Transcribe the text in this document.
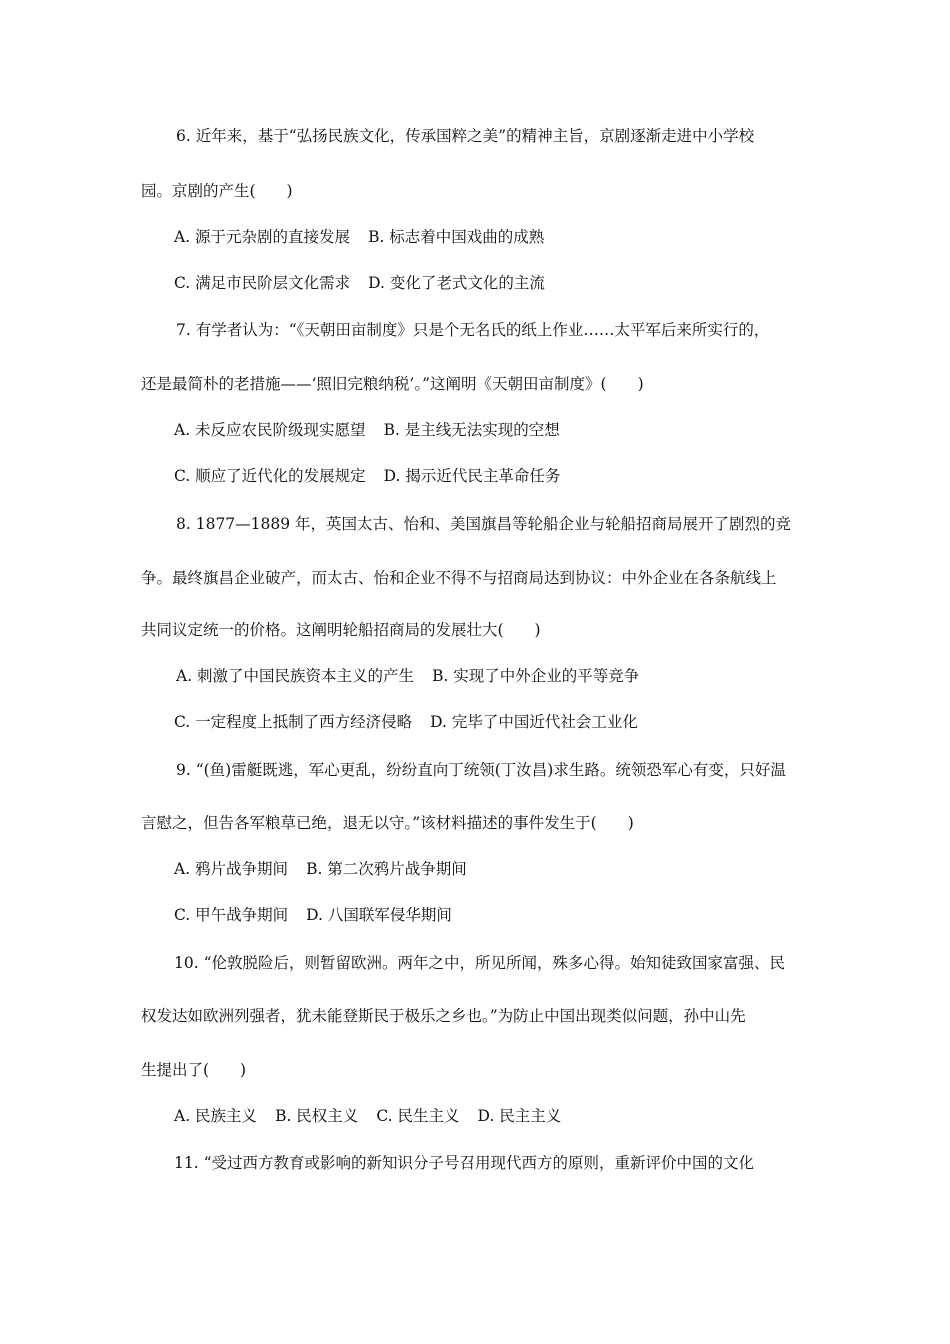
6. 近年来，基于“弘扬民族文化，传承国粹之美”的精神主旨，京剧逐渐走进中小学校
园。京剧的产生(　　)
A. 源于元杂剧的直接发展 B. 标志着中国戏曲的成熟
C. 满足市民阶层文化需求 D. 变化了老式文化的主流
7. 有学者认为：“《天朝田亩制度》只是个无名氏的纸上作业……太平军后来所实行的，
还是最简朴的老措施——‘照旧完粮纳税’。”这阐明《天朝田亩制度》(　　)
A. 未反应农民阶级现实愿望 B. 是主线无法实现的空想
C. 顺应了近代化的发展规定 D. 揭示近代民主革命任务
8. 1877—1889 年，英国太古、怡和、美国旗昌等轮船企业与轮船招商局展开了剧烈的竞
争。最终旗昌企业破产，而太古、怡和企业不得不与招商局达到协议：中外企业在各条航线上
共同议定统一的价格。这阐明轮船招商局的发展壮大(　　)
A. 刺激了中国民族资本主义的产生 B. 实现了中外企业的平等竞争
C. 一定程度上抵制了西方经济侵略 D. 完毕了中国近代社会工业化
9. “(鱼)雷艇既逃，军心更乱，纷纷直向丁统领(丁汝昌)求生路。统领恐军心有变，只好温
言慰之，但告各军粮草已绝，退无以守。”该材料描述的事件发生于(　　)
A. 鸦片战争期间 B. 第二次鸦片战争期间
C. 甲午战争期间 D. 八国联军侵华期间
10. “伦敦脱险后，则暂留欧洲。两年之中，所见所闻，殊多心得。始知徒致国家富强、民
权发达如欧洲列强者，犹未能登斯民于极乐之乡也。”为防止中国出现类似问题，孙中山先
生提出了(　　)
A. 民族主义 B. 民权主义 C. 民生主义 D. 民主主义
11. “受过西方教育或影响的新知识分子号召用现代西方的原则，重新评价中国的文化
